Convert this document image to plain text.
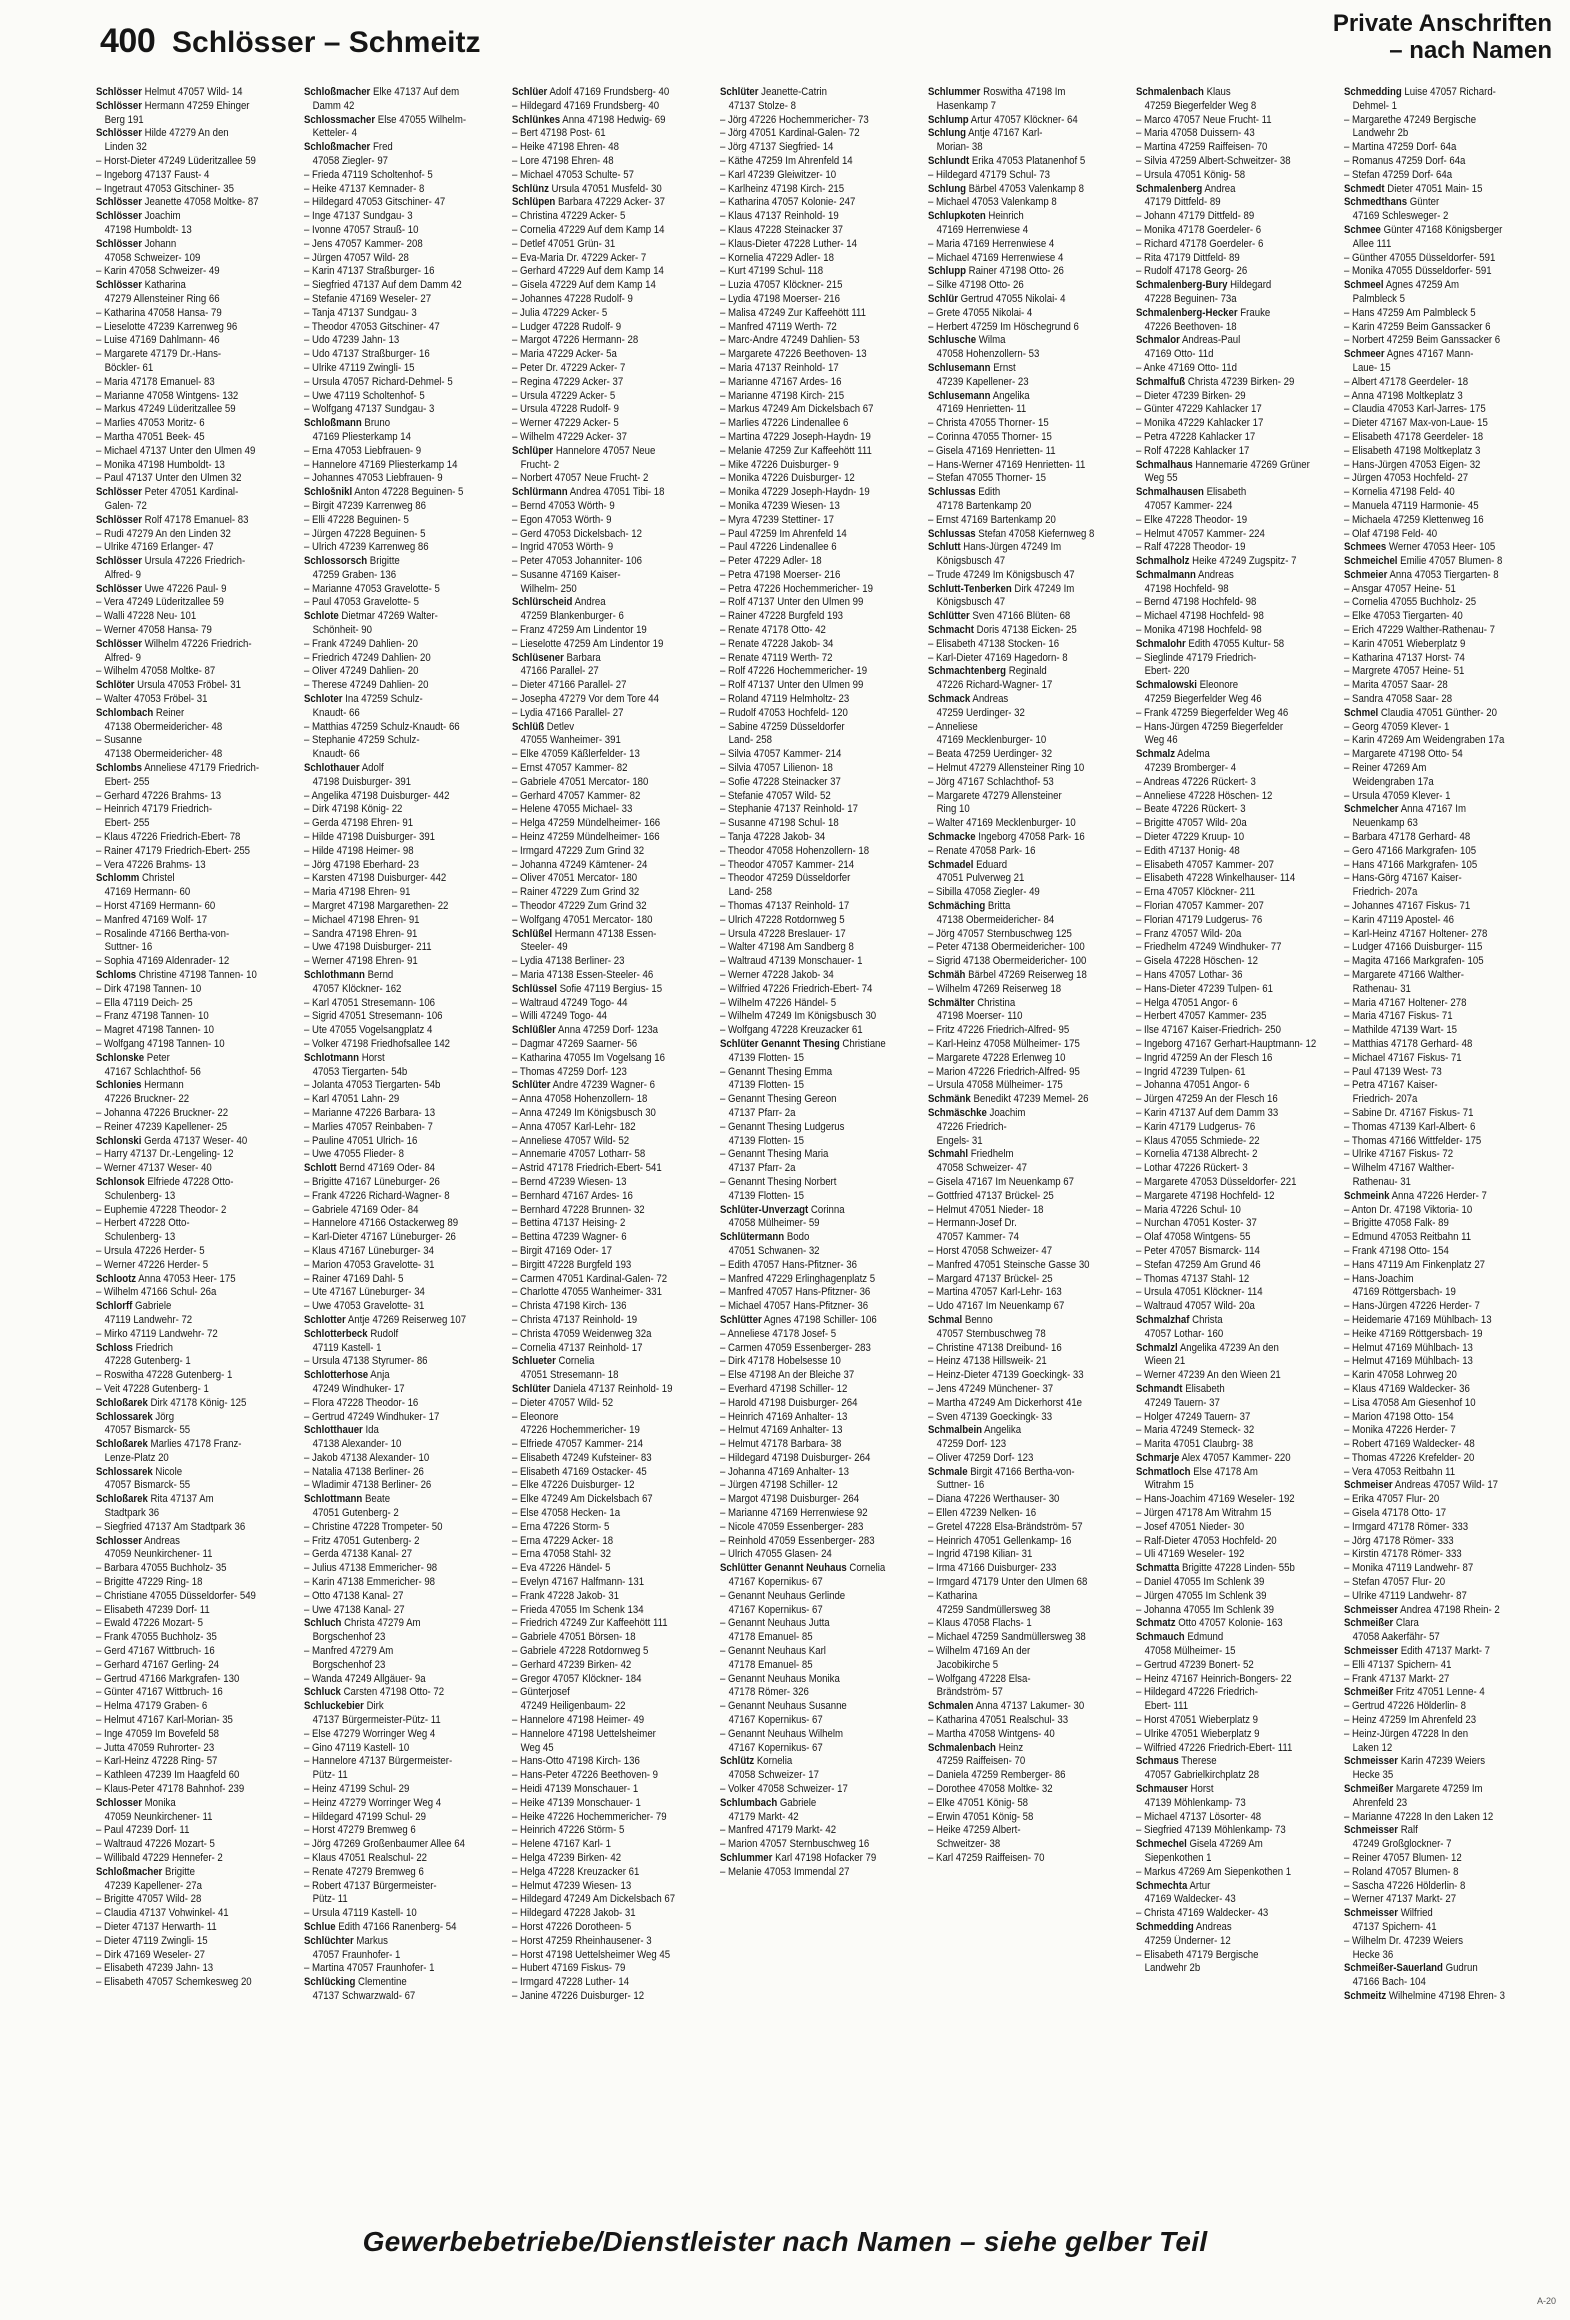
400 Schlösser – Schmeitz
Private Anschriften
– nach Namen
Schlösser Helmut 47057 Wild- 14
Schlösser Hermann 47259 Ehinger
Berg 191
Schlösser Hilde 47279 An den
Linden 32
– Horst-Dieter 47249 Lüderitzallee 59
– Ingeborg 47137 Faust- 4
– Ingetraut 47053 Gitschiner- 35
Schlösser Jeanette 47058 Moltke- 87
Schlösser Joachim
47198 Humboldt- 13
Schlösser Johann
47058 Schweizer- 109
– Karin 47058 Schweizer- 49
Schlösser Katharina
47279 Allensteiner Ring 66
– Katharina 47058 Hansa- 79
– Lieselotte 47239 Karrenweg 96
– Luise 47169 Dahlmann- 46
– Margarete 47179 Dr.-Hans-
Böckler- 61
– Maria 47178 Emanuel- 83
– Marianne 47058 Wintgens- 132
– Markus 47249 Lüderitzallee 59
– Marlies 47053 Moritz- 6
– Martha 47051 Beek- 45
– Michael 47137 Unter den Ulmen 49
– Monika 47198 Humboldt- 13
– Paul 47137 Unter den Ulmen 32
Schlösser Peter 47051 Kardinal-
Galen- 72
Schlösser Rolf 47178 Emanuel- 83
– Rudi 47279 An den Linden 32
– Ulrike 47169 Erlanger- 47
Schlösser Ursula 47226 Friedrich-
Alfred- 9
Schlösser Uwe 47226 Paul- 9
– Vera 47249 Lüderitzallee 59
– Walli 47228 Neu- 101
– Werner 47058 Hansa- 79
Schlösser Wilhelm 47226 Friedrich-
Alfred- 9
– Wilhelm 47058 Moltke- 87
Schlöter Ursula 47053 Fröbel- 31
– Walter 47053 Fröbel- 31
Schlombach Reiner
47138 Obermeidericher- 48
– Susanne
47138 Obermeidericher- 48
Schlombs Anneliese 47179 Friedrich-
Ebert- 255
– Gerhard 47226 Brahms- 13
– Heinrich 47179 Friedrich-
Ebert- 255
– Klaus 47226 Friedrich-Ebert- 78
– Rainer 47179 Friedrich-Ebert- 255
– Vera 47226 Brahms- 13
Schlomm Christel
47169 Hermann- 60
– Horst 47169 Hermann- 60
– Manfred 47169 Wolf- 17
– Rosalinde 47166 Bertha-von-
Suttner- 16
– Sophia 47169 Aldenrader- 12
Schloms Christine 47198 Tannen- 10
– Dirk 47198 Tannen- 10
– Ella 47119 Deich- 25
– Franz 47198 Tannen- 10
– Magret 47198 Tannen- 10
– Wolfgang 47198 Tannen- 10
Schlonske Peter
47167 Schlachthof- 56
Schlonies Hermann
47226 Bruckner- 22
– Johanna 47226 Bruckner- 22
– Reiner 47239 Kapellener- 25
Schlonski Gerda 47137 Weser- 40
– Harry 47137 Dr.-Lengeling- 12
– Werner 47137 Weser- 40
Schlonsok Elfriede 47228 Otto-
Schulenberg- 13
– Euphemie 47228 Theodor- 2
– Herbert 47228 Otto-
Schulenberg- 13
– Ursula 47226 Herder- 5
– Werner 47226 Herder- 5
Schlootz Anna 47053 Heer- 175
– Wilhelm 47166 Schul- 26a
Schlorff Gabriele
47119 Landwehr- 72
– Mirko 47119 Landwehr- 72
Schloss Friedrich
47228 Gutenberg- 1
– Roswitha 47228 Gutenberg- 1
– Veit 47228 Gutenberg- 1
Schloßarek Dirk 47178 König- 125
Schlossarek Jörg
47057 Bismarck- 55
Schloßarek Marlies 47178 Franz-
Lenze-Platz 20
Schlossarek Nicole
47057 Bismarck- 55
Schloßarek Rita 47137 Am
Stadtpark 36
– Siegfried 47137 Am Stadtpark 36
Schlosser Andreas
47059 Neunkirchener- 11
– Barbara 47055 Buchholz- 35
– Brigitte 47229 Ring- 18
– Christiane 47055 Düsseldorfer- 549
– Elisabeth 47239 Dorf- 11
– Ewald 47226 Mozart- 5
– Frank 47055 Buchholz- 35
– Gerd 47167 Wittbruch- 16
– Gerhard 47167 Gerling- 24
– Gertrud 47166 Markgrafen- 130
– Günter 47167 Wittbruch- 16
– Helma 47179 Graben- 6
– Helmut 47167 Karl-Morian- 35
– Inge 47059 Im Bovefeld 58
– Jutta 47059 Ruhrorter- 23
– Karl-Heinz 47228 Ring- 57
– Kathleen 47239 Im Haagfeld 60
– Klaus-Peter 47178 Bahnhof- 239
Schlosser Monika
47059 Neunkirchener- 11
– Paul 47239 Dorf- 11
– Waltraud 47226 Mozart- 5
– Willibald 47229 Hennefer- 2
Schloßmacher Brigitte
47239 Kapellener- 27a
– Brigitte 47057 Wild- 28
– Claudia 47137 Vohwinkel- 41
– Dieter 47137 Herwarth- 11
– Dieter 47119 Zwingli- 15
– Dirk 47169 Weseler- 27
– Elisabeth 47239 Jahn- 13
– Elisabeth 47057 Schemkesweg 20
Schloßmacher Elke 47137 Auf dem
Damm 42
Schlossmacher Else 47055 Wilhelm-
Ketteler- 4
Schloßmacher Fred
47058 Ziegler- 97
– Frieda 47119 Scholtenhof- 5
– Heike 47137 Kemnader- 8
– Hildegard 47053 Gitschiner- 47
– Inge 47137 Sundgau- 3
– Ivonne 47057 Strauß- 10
– Jens 47057 Kammer- 208
– Jürgen 47057 Wild- 28
– Karin 47137 Straßburger- 16
– Siegfried 47137 Auf dem Damm 42
– Stefanie 47169 Weseler- 27
– Tanja 47137 Sundgau- 3
– Theodor 47053 Gitschiner- 47
– Udo 47239 Jahn- 13
– Udo 47137 Straßburger- 16
– Ulrike 47119 Zwingli- 15
– Ursula 47057 Richard-Dehmel- 5
– Uwe 47119 Scholtenhof- 5
– Wolfgang 47137 Sundgau- 3
Schloßmann Bruno
47169 Pliesterkamp 14
– Erna 47053 Liebfrauen- 9
– Hannelore 47169 Pliesterkamp 14
– Johannes 47053 Liebfrauen- 9
Schlošnikl Anton 47228 Beguinen- 5
– Birgit 47239 Karrenweg 86
– Elli 47228 Beguinen- 5
– Jürgen 47228 Beguinen- 5
– Ulrich 47239 Karrenweg 86
Schlossorsch Brigitte
47259 Graben- 136
– Marianne 47053 Gravelotte- 5
– Paul 47053 Gravelotte- 5
Schlote Dietmar 47269 Walter-
Schönheit- 90
– Frank 47249 Dahlien- 20
– Friedrich 47249 Dahlien- 20
– Oliver 47249 Dahlien- 20
– Therese 47249 Dahlien- 20
Schloter Ina 47259 Schulz-
Knaudt- 66
– Matthias 47259 Schulz-Knaudt- 66
– Stephanie 47259 Schulz-
Knaudt- 66
Schlothauer Adolf
47198 Duisburger- 391
– Angelika 47198 Duisburger- 442
– Dirk 47198 König- 22
– Gerda 47198 Ehren- 91
– Hilde 47198 Duisburger- 391
– Hilde 47198 Heimer- 98
– Jörg 47198 Eberhard- 23
– Karsten 47198 Duisburger- 442
– Maria 47198 Ehren- 91
– Margret 47198 Margarethen- 22
– Michael 47198 Ehren- 91
– Sandra 47198 Ehren- 91
– Uwe 47198 Duisburger- 211
– Werner 47198 Ehren- 91
Schlothmann Bernd
47057 Klöckner- 162
– Karl 47051 Stresemann- 106
– Sigrid 47051 Stresemann- 106
– Ute 47055 Vogelsangplatz 4
– Volker 47198 Friedhofsallee 142
Schlotmann Horst
47053 Tiergarten- 54b
– Jolanta 47053 Tiergarten- 54b
– Karl 47051 Lahn- 29
– Marianne 47226 Barbara- 13
– Marlies 47057 Reinbaben- 7
– Pauline 47051 Ulrich- 16
– Uwe 47055 Flieder- 8
Schlott Bernd 47169 Oder- 84
– Brigitte 47167 Lüneburger- 26
– Frank 47226 Richard-Wagner- 8
– Gabriele 47169 Oder- 84
– Hannelore 47166 Ostackerweg 89
– Karl-Dieter 47167 Lüneburger- 26
– Klaus 47167 Lüneburger- 34
– Marion 47053 Gravelotte- 31
– Rainer 47169 Dahl- 5
– Ute 47167 Lüneburger- 34
– Uwe 47053 Gravelotte- 31
Schlotter Antje 47269 Reiserweg 107
Schlotterbeck Rudolf
47119 Kastell- 1
– Ursula 47138 Styrumer- 86
Schlotterhose Anja
47249 Windhuker- 17
– Flora 47228 Theodor- 16
– Gertrud 47249 Windhuker- 17
Schlotthauer Ida
47138 Alexander- 10
– Jakob 47138 Alexander- 10
– Natalia 47138 Berliner- 26
– Wladimir 47138 Berliner- 26
Schlottmann Beate
47051 Gutenberg- 2
– Christine 47228 Trompeter- 50
– Fritz 47051 Gutenberg- 2
– Gerda 47138 Kanal- 27
– Julius 47138 Emmericher- 98
– Karin 47138 Emmericher- 98
– Otto 47138 Kanal- 27
– Uwe 47138 Kanal- 27
Schluch Christa 47279 Am
Borgschenhof 23
– Manfred 47279 Am
Borgschenhof 23
– Wanda 47249 Allgäuer- 9a
Schluck Carsten 47198 Otto- 72
Schluckebier Dirk
47137 Bürgermeister-Pütz- 11
– Else 47279 Worringer Weg 4
– Gino 47119 Kastell- 10
– Hannelore 47137 Bürgermeister-
Pütz- 11
– Heinz 47199 Schul- 29
– Heinz 47279 Worringer Weg 4
– Hildegard 47199 Schul- 29
– Horst 47279 Bremweg 6
– Jörg 47269 Großenbaumer Allee 64
– Klaus 47051 Realschul- 22
– Renate 47279 Bremweg 6
– Robert 47137 Bürgermeister-
Pütz- 11
– Ursula 47119 Kastell- 10
Schlue Edith 47166 Ranenberg- 54
Schlüchter Markus
47057 Fraunhofer- 1
– Martina 47057 Fraunhofer- 1
Schlücking Clementine
47137 Schwarzwald- 67
Schlüer Adolf 47169 Frundsberg- 40
– Hildegard 47169 Frundsberg- 40
Schlünkes Anna 47198 Hedwig- 69
– Bert 47198 Post- 61
– Heike 47198 Ehren- 48
– Lore 47198 Ehren- 48
– Michael 47053 Schulte- 57
Schlünz Ursula 47051 Musfeld- 30
Schlüpen Barbara 47229 Acker- 37
– Christina 47229 Acker- 5
– Cornelia 47229 Auf dem Kamp 14
– Detlef 47051 Grün- 31
– Eva-Maria Dr. 47229 Acker- 7
– Gerhard 47229 Auf dem Kamp 14
– Gisela 47229 Auf dem Kamp 14
– Johannes 47228 Rudolf- 9
– Julia 47229 Acker- 5
– Ludger 47228 Rudolf- 9
– Margot 47226 Hermann- 28
– Maria 47229 Acker- 5a
– Peter Dr. 47229 Acker- 7
– Regina 47229 Acker- 37
– Ursula 47229 Acker- 5
– Ursula 47228 Rudolf- 9
– Werner 47229 Acker- 5
– Wilhelm 47229 Acker- 37
Schlüper Hannelore 47057 Neue
Frucht- 2
– Norbert 47057 Neue Frucht- 2
Schlürmann Andrea 47051 Tibi- 18
– Bernd 47053 Wörth- 9
– Egon 47053 Wörth- 9
– Gerd 47053 Dickelsbach- 12
– Ingrid 47053 Wörth- 9
– Peter 47053 Johanniter- 106
– Susanne 47169 Kaiser-
Wilhelm- 250
Schlürscheid Andrea
47259 Blankenburger- 6
– Franz 47259 Am Lindentor 19
– Lieselotte 47259 Am Lindentor 19
Schlüsener Barbara
47166 Parallel- 27
– Dieter 47166 Parallel- 27
– Josepha 47279 Vor dem Tore 44
– Lydia 47166 Parallel- 27
Schlüß Detlev
47055 Wanheimer- 391
– Elke 47059 Käßlerfelder- 13
– Ernst 47057 Kammer- 82
– Gabriele 47051 Mercator- 180
– Gerhard 47057 Kammer- 82
– Helene 47055 Michael- 33
– Helga 47259 Mündelheimer- 166
– Heinz 47259 Mündelheimer- 166
– Irmgard 47229 Zum Grind 32
– Johanna 47249 Kämtener- 24
– Oliver 47051 Mercator- 180
– Rainer 47229 Zum Grind 32
– Theodor 47229 Zum Grind 32
– Wolfgang 47051 Mercator- 180
Schlüßel Hermann 47138 Essen-
Steeler- 49
– Lydia 47138 Berliner- 23
– Maria 47138 Essen-Steeler- 46
Schlüssel Sofie 47119 Bergius- 15
– Waltraud 47249 Togo- 44
– Willi 47249 Togo- 44
Schlüßler Anna 47259 Dorf- 123a
– Dagmar 47269 Saarner- 56
– Katharina 47055 Im Vogelsang 16
– Thomas 47259 Dorf- 123
Schlüter Andre 47239 Wagner- 6
– Anna 47058 Hohenzollern- 18
– Anna 47249 Im Königsbusch 30
– Anna 47057 Karl-Lehr- 182
– Anneliese 47057 Wild- 52
– Annemarie 47057 Lotharr- 58
– Astrid 47178 Friedrich-Ebert- 541
– Bernd 47239 Wiesen- 13
– Bernhard 47167 Ardes- 16
– Bernhard 47228 Brunnen- 32
– Bettina 47137 Heising- 2
– Bettina 47239 Wagner- 6
– Birgit 47169 Oder- 17
– Birgitt 47228 Burgfeld 193
– Carmen 47051 Kardinal-Galen- 72
– Charlotte 47055 Wanheimer- 331
– Christa 47198 Kirch- 136
– Christa 47137 Reinhold- 19
– Christa 47059 Weidenweg 32a
– Cornelia 47137 Reinhold- 17
Schlueter Cornelia
47051 Stresemann- 18
Schlüter Daniela 47137 Reinhold- 19
– Dieter 47057 Wild- 52
– Eleonore
47226 Hochemmericher- 19
– Elfriede 47057 Kammer- 214
– Elisabeth 47249 Kufsteiner- 83
– Elisabeth 47169 Ostacker- 45
– Elke 47226 Duisburger- 12
– Elke 47249 Am Dickelsbach 67
– Else 47058 Hecken- 1a
– Erna 47226 Storm- 5
– Erna 47229 Acker- 18
– Erna 47058 Stahl- 32
– Eva 47226 Händel- 5
– Evelyn 47167 Halfmann- 131
– Frank 47228 Jakob- 31
– Frieda 47055 Im Schenk 134
– Friedrich 47249 Zur Kaffeehött 111
– Gabriele 47051 Börsen- 18
– Gabriele 47228 Rotdornweg 5
– Gerhard 47239 Birken- 42
– Gregor 47057 Klöckner- 184
– Günterjosef
47249 Heiligenbaum- 22
– Hannelore 47198 Heimer- 49
– Hannelore 47198 Uettelsheimer
Weg 45
– Hans-Otto 47198 Kirch- 136
– Hans-Peter 47226 Beethoven- 9
– Heidi 47139 Monschauer- 1
– Heike 47139 Monschauer- 1
– Heike 47226 Hochemmericher- 79
– Heinrich 47226 Störm- 5
– Helene 47167 Karl- 1
– Helga 47239 Birken- 42
– Helga 47228 Kreuzacker 61
– Helmut 47239 Wiesen- 13
– Hildegard 47249 Am Dickelsbach 67
– Hildegard 47228 Jakob- 31
– Horst 47226 Dorotheen- 5
– Horst 47259 Rheinhausener- 3
– Horst 47198 Uettelsheimer Weg 45
– Hubert 47169 Fiskus- 79
– Irmgard 47228 Luther- 14
– Janine 47226 Duisburger- 12
Schlüter Jeanette-Catrin
47137 Stolze- 8
– Jörg 47226 Hochemmericher- 73
– Jörg 47051 Kardinal-Galen- 72
– Jörg 47137 Siegfried- 14
– Käthe 47259 Im Ahrenfeld 14
– Karl 47239 Gleiwitzer- 10
– Karlheinz 47198 Kirch- 215
– Katharina 47057 Kolonie- 247
– Klaus 47137 Reinhold- 19
– Klaus 47228 Steinacker 37
– Klaus-Dieter 47228 Luther- 14
– Kornelia 47229 Adler- 18
– Kurt 47199 Schul- 118
– Luzia 47057 Klöckner- 215
– Lydia 47198 Moerser- 216
– Malisa 47249 Zur Kaffeehött 111
– Manfred 47119 Werth- 72
– Marc-Andre 47249 Dahlien- 53
– Margarete 47226 Beethoven- 13
– Maria 47137 Reinhold- 17
– Marianne 47167 Ardes- 16
– Marianne 47198 Kirch- 215
– Markus 47249 Am Dickelsbach 67
– Marlies 47226 Lindenallee 6
– Martina 47229 Joseph-Haydn- 19
– Melanie 47259 Zur Kaffeehött 111
– Mike 47226 Duisburger- 9
– Monika 47226 Duisburger- 12
– Monika 47229 Joseph-Haydn- 19
– Monika 47239 Wiesen- 13
– Myra 47239 Stettiner- 17
– Paul 47259 Im Ahrenfeld 14
– Paul 47226 Lindenallee 6
– Peter 47229 Adler- 18
– Petra 47198 Moerser- 216
– Petra 47226 Hochemmericher- 19
– Rolf 47137 Unter den Ulmen 99
– Rainer 47228 Burgfeld 193
– Renate 47178 Otto- 42
– Renate 47228 Jakob- 34
– Renate 47119 Werth- 72
– Rolf 47226 Hochemmericher- 19
– Rolf 47137 Unter den Ulmen 99
– Roland 47119 Helmholtz- 23
– Rudolf 47053 Hochfeld- 120
– Sabine 47259 Düsseldorfer
Land- 258
– Silvia 47057 Kammer- 214
– Silvia 47057 Lilienon- 18
– Sofie 47228 Steinacker 37
– Stefanie 47057 Wild- 52
– Stephanie 47137 Reinhold- 17
– Susanne 47198 Schul- 18
– Tanja 47228 Jakob- 34
– Theodor 47058 Hohenzollern- 18
– Theodor 47057 Kammer- 214
– Theodor 47259 Düsseldorfer
Land- 258
– Thomas 47137 Reinhold- 17
– Ulrich 47228 Rotdornweg 5
– Ursula 47228 Breslauer- 17
– Walter 47198 Am Sandberg 8
– Waltraud 47139 Monschauer- 1
– Werner 47228 Jakob- 34
– Wilfried 47226 Friedrich-Ebert- 74
– Wilhelm 47226 Händel- 5
– Wilhelm 47249 Im Königsbusch 30
– Wolfgang 47228 Kreuzacker 61
Schlüter Genannt Thesing Christiane
47139 Flotten- 15
– Genannt Thesing Emma
47139 Flotten- 15
– Genannt Thesing Gereon
47137 Pfarr- 2a
– Genannt Thesing Ludgerus
47139 Flotten- 15
– Genannt Thesing Maria
47137 Pfarr- 2a
– Genannt Thesing Norbert
47139 Flotten- 15
Schlüter-Unverzagt Corinna
47058 Mülheimer- 59
Schlütermann Bodo
47051 Schwanen- 32
– Edith 47057 Hans-Pfitzner- 36
– Manfred 47229 Erlinghagenplatz 5
– Manfred 47057 Hans-Pfitzner- 36
– Michael 47057 Hans-Pfitzner- 36
Schlütter Agnes 47198 Schiller- 106
– Anneliese 47178 Josef- 5
– Carmen 47059 Essenberger- 283
– Dirk 47178 Hobelsesse 10
– Else 47198 An der Bleiche 37
– Everhard 47198 Schiller- 12
– Harold 47198 Duisburger- 264
– Heinrich 47169 Anhalter- 13
– Helmut 47169 Anhalter- 13
– Helmut 47178 Barbara- 38
– Hildegard 47198 Duisburger- 264
– Johanna 47169 Anhalter- 13
– Jürgen 47198 Schiller- 12
– Margot 47198 Duisburger- 264
– Marianne 47169 Herrenwiese 92
– Nicole 47059 Essenberger- 283
– Reinhold 47059 Essenberger- 283
– Ulrich 47055 Glasen- 24
Schlütter Genannt Neuhaus Cornelia
47167 Kopernikus- 67
– Genannt Neuhaus Gerlinde
47167 Kopernikus- 67
– Genannt Neuhaus Jutta
47178 Emanuel- 85
– Genannt Neuhaus Karl
47178 Emanuel- 85
– Genannt Neuhaus Monika
47178 Römer- 326
– Genannt Neuhaus Susanne
47167 Kopernikus- 67
– Genannt Neuhaus Wilhelm
47167 Kopernikus- 67
Schlütz Kornelia
47058 Schweizer- 17
– Volker 47058 Schweizer- 17
Schlumbach Gabriele
47179 Markt- 42
– Manfred 47179 Markt- 42
– Marion 47057 Sternbuschweg 16
Schlummer Karl 47198 Hofacker 79
– Melanie 47053 Immendal 27
Schlummer Roswitha 47198 Im
Hasenkamp 7
Schlump Artur 47057 Klöckner- 64
Schlung Antje 47167 Karl-
Morian- 38
Schlundt Erika 47053 Platanenhof 5
– Hildegard 47179 Schul- 73
Schlung Bärbel 47053 Valenkamp 8
– Michael 47053 Valenkamp 8
Schlupkoten Heinrich
47169 Herrenwiese 4
– Maria 47169 Herrenwiese 4
– Michael 47169 Herrenwiese 4
Schlupp Rainer 47198 Otto- 26
– Silke 47198 Otto- 26
Schlür Gertrud 47055 Nikolai- 4
– Grete 47055 Nikolai- 4
– Herbert 47259 Im Höschegrund 6
Schlusche Wilma
47058 Hohenzollern- 53
Schlusemann Ernst
47239 Kapellener- 23
Schlusemann Angelika
47169 Henrietten- 11
– Christa 47055 Thorner- 15
– Corinna 47055 Thorner- 15
– Gisela 47169 Henrietten- 11
– Hans-Werner 47169 Henrietten- 11
– Stefan 47055 Thorner- 15
Schlussas Edith
47178 Bartenkamp 20
– Ernst 47169 Bartenkamp 20
Schlussas Stefan 47058 Kiefernweg 8
Schlutt Hans-Jürgen 47249 Im
Königsbusch 47
– Trude 47249 Im Königsbusch 47
Schlutt-Tenberken Dirk 47249 Im
Königsbusch 47
Schlütter Sven 47166 Blüten- 68
Schmacht Doris 47138 Eicken- 25
– Elisabeth 47138 Stocken- 16
– Karl-Dieter 47169 Hagedorn- 8
Schmachtenberg Reginald
47226 Richard-Wagner- 17
Schmack Andreas
47259 Uerdinger- 32
– Anneliese
47169 Mecklenburger- 10
– Beata 47259 Uerdinger- 32
– Helmut 47279 Allensteiner Ring 10
– Jörg 47167 Schlachthof- 53
– Margarete 47279 Allensteiner
Ring 10
– Walter 47169 Mecklenburger- 10
Schmacke Ingeborg 47058 Park- 16
– Renate 47058 Park- 16
Schmadel Eduard
47051 Pulverweg 21
– Sibilla 47058 Ziegler- 49
Schmäching Britta
47138 Obermeidericher- 84
– Jörg 47057 Sternbuschweg 125
– Peter 47138 Obermeidericher- 100
– Sigrid 47138 Obermeidericher- 100
Schmäh Bärbel 47269 Reiserweg 18
– Wilhelm 47269 Reiserweg 18
Schmälter Christina
47198 Moerser- 110
– Fritz 47226 Friedrich-Alfred- 95
– Karl-Heinz 47058 Mülheimer- 175
– Margarete 47228 Erlenweg 10
– Marion 47226 Friedrich-Alfred- 95
– Ursula 47058 Mülheimer- 175
Schmänk Benedikt 47239 Memel- 26
Schmäschke Joachim
47226 Friedrich-
Engels- 31
Schmahl Friedhelm
47058 Schweizer- 47
– Gisela 47167 Im Neuenkamp 67
– Gottfried 47137 Brückel- 25
– Helmut 47051 Nieder- 18
– Hermann-Josef Dr.
47057 Kammer- 74
– Horst 47058 Schweizer- 47
– Manfred 47051 Steinsche Gasse 30
– Margard 47137 Brückel- 25
– Martina 47057 Karl-Lehr- 163
– Udo 47167 Im Neuenkamp 67
Schmal Benno
47057 Sternbuschweg 78
– Christine 47138 Dreibund- 16
– Heinz 47138 Hillsweik- 21
– Heinz-Dieter 47139 Goeckingk- 33
– Jens 47249 Münchener- 37
– Martha 47249 Am Dickerhorst 41e
– Sven 47139 Goeckingk- 33
Schmalbein Angelika
47259 Dorf- 123
– Oliver 47259 Dorf- 123
Schmale Birgit 47166 Bertha-von-
Suttner- 16
– Diana 47226 Werthauser- 30
– Ellen 47239 Nelken- 16
– Gretel 47228 Elsa-Brändström- 57
– Heinrich 47051 Gellenkamp- 16
– Ingrid 47198 Kilian- 31
– Irma 47166 Duisburger- 233
– Irmgard 47179 Unter den Ulmen 68
– Katharina
47259 Sandmüllersweg 38
– Klaus 47058 Flachs- 1
– Michael 47259 Sandmüllersweg 38
– Wilhelm 47169 An der
Jacobikirche 5
– Wolfgang 47228 Elsa-
Brändström- 57
Schmalen Anna 47137 Lakumer- 30
– Katharina 47051 Realschul- 33
– Martha 47058 Wintgens- 40
Schmalenbach Heinz
47259 Raiffeisen- 70
– Daniela 47259 Remberger- 86
– Dorothee 47058 Moltke- 32
– Elke 47051 König- 58
– Erwin 47051 König- 58
– Heike 47259 Albert-
Schweitzer- 38
– Karl 47259 Raiffeisen- 70
Schmalenbach Klaus
47259 Biegerfelder Weg 8
– Marco 47057 Neue Frucht- 11
– Maria 47058 Duissern- 43
– Martina 47259 Raiffeisen- 70
– Silvia 47259 Albert-Schweitzer- 38
– Ursula 47051 König- 58
Schmalenberg Andrea
47179 Dittfeld- 89
– Johann 47179 Dittfeld- 89
– Monika 47178 Goerdeler- 6
– Richard 47178 Goerdeler- 6
– Rita 47179 Dittfeld- 89
– Rudolf 47178 Georg- 26
Schmalenberg-Bury Hildegard
47228 Beguinen- 73a
Schmalenberg-Hecker Frauke
47226 Beethoven- 18
Schmalor Andreas-Paul
47169 Otto- 11d
– Anke 47169 Otto- 11d
Schmalfuß Christa 47239 Birken- 29
– Dieter 47239 Birken- 29
– Günter 47229 Kahlacker 17
– Monika 47229 Kahlacker 17
– Petra 47228 Kahlacker 17
– Rolf 47228 Kahlacker 17
Schmalhaus Hannemarie 47269 Grüner
Weg 55
Schmalhausen Elisabeth
47057 Kammer- 224
– Elke 47228 Theodor- 19
– Helmut 47057 Kammer- 224
– Ralf 47228 Theodor- 19
Schmalholz Heike 47249 Zugspitz- 7
Schmalmann Andreas
47198 Hochfeld- 98
– Bernd 47198 Hochfeld- 98
– Michael 47198 Hochfeld- 98
– Monika 47198 Hochfeld- 98
Schmalohr Edith 47055 Kultur- 58
– Sieglinde 47179 Friedrich-
Ebert- 220
Schmalowski Eleonore
47259 Biegerfelder Weg 46
– Frank 47259 Biegerfelder Weg 46
– Hans-Jürgen 47259 Biegerfelder
Weg 46
Schmalz Adelma
47239 Bromberger- 4
– Andreas 47226 Rückert- 3
– Anneliese 47228 Höschen- 12
– Beate 47226 Rückert- 3
– Brigitte 47057 Wild- 20a
– Dieter 47229 Kruup- 10
– Edith 47137 Honig- 48
– Elisabeth 47057 Kammer- 207
– Elisabeth 47228 Winkelhauser- 114
– Erna 47057 Klöckner- 211
– Florian 47057 Kammer- 207
– Florian 47179 Ludgerus- 76
– Franz 47057 Wild- 20a
– Friedhelm 47249 Windhuker- 77
– Gisela 47228 Höschen- 12
– Hans 47057 Lothar- 36
– Hans-Dieter 47239 Tulpen- 61
– Helga 47051 Angor- 6
– Herbert 47057 Kammer- 235
– Ilse 47167 Kaiser-Friedrich- 250
– Ingeborg 47167 Gerhart-Hauptmann- 12
– Ingrid 47259 An der Flesch 16
– Ingrid 47239 Tulpen- 61
– Johanna 47051 Angor- 6
– Jürgen 47259 An der Flesch 16
– Karin 47137 Auf dem Damm 33
– Karin 47179 Ludgerus- 76
– Klaus 47055 Schmiede- 22
– Kornelia 47138 Albrecht- 2
– Lothar 47226 Rückert- 3
– Margarete 47053 Düsseldorfer- 221
– Margarete 47198 Hochfeld- 12
– Maria 47226 Schul- 10
– Nurchan 47051 Koster- 37
– Olaf 47058 Wintgens- 55
– Peter 47057 Bismarck- 114
– Stefan 47259 Am Grund 46
– Thomas 47137 Stahl- 12
– Ursula 47051 Klöckner- 114
– Waltraud 47057 Wild- 20a
Schmalzhaf Christa
47057 Lothar- 160
Schmalzl Angelika 47239 An den
Wieen 21
– Werner 47239 An den Wieen 21
Schmandt Elisabeth
47249 Tauern- 37
– Holger 47249 Tauern- 37
– Maria 47249 Stemeck- 32
– Marita 47051 Claubrg- 38
Schmarje Alex 47057 Kammer- 220
Schmatloch Else 47178 Am
Witrahm 15
– Hans-Joachim 47169 Weseler- 192
– Jürgen 47178 Am Witrahm 15
– Josef 47051 Nieder- 30
– Ralf-Dieter 47053 Hochfeld- 20
– Uli 47169 Weseler- 192
Schmatta Brigitte 47228 Linden- 55b
– Daniel 47055 Im Schlenk 39
– Jürgen 47055 Im Schlenk 39
– Johanna 47055 Im Schlenk 39
Schmatz Otto 47057 Kolonie- 163
Schmauch Edmund
47058 Mülheimer- 15
– Gertrud 47239 Bonert- 52
– Heinz 47167 Heinrich-Bongers- 22
– Hildegard 47226 Friedrich-
Ebert- 111
– Horst 47051 Wieberplatz 9
– Ulrike 47051 Wieberplatz 9
– Wilfried 47226 Friedrich-Ebert- 111
Schmaus Therese
47057 Gabrielkirchplatz 28
Schmauser Horst
47139 Möhlenkamp- 73
– Michael 47137 Lösorter- 48
– Siegfried 47139 Möhlenkamp- 73
Schmechel Gisela 47269 Am
Siepenkothen 1
– Markus 47269 Am Siepenkothen 1
Schmechta Artur
47169 Waldecker- 43
– Christa 47169 Waldecker- 43
Schmedding Andreas
47259 Ünderner- 12
– Elisabeth 47179 Bergische
Landwehr 2b
Schmedding Luise 47057 Richard-
Dehmel- 1
– Margarethe 47249 Bergische
Landwehr 2b
– Martina 47259 Dorf- 64a
– Romanus 47259 Dorf- 64a
– Stefan 47259 Dorf- 64a
Schmedt Dieter 47051 Main- 15
Schmedthans Günter
47169 Schlesweger- 2
Schmee Günter 47168 Königsberger
Allee 111
– Günther 47055 Düsseldorfer- 591
– Monika 47055 Düsseldorfer- 591
Schmeel Agnes 47259 Am
Palmbleck 5
– Hans 47259 Am Palmbleck 5
– Karin 47259 Beim Ganssacker 6
– Norbert 47259 Beim Ganssacker 6
Schmeer Agnes 47167 Mann-
Laue- 15
– Albert 47178 Geerdeler- 18
– Anna 47198 Moltkeplatz 3
– Claudia 47053 Karl-Jarres- 175
– Dieter 47167 Max-von-Laue- 15
– Elisabeth 47178 Geerdeler- 18
– Elisabeth 47198 Moltkeplatz 3
– Hans-Jürgen 47053 Eigen- 32
– Jürgen 47053 Hochfeld- 27
– Kornelia 47198 Feld- 40
– Manuela 47119 Harmonie- 45
– Michaela 47259 Klettenweg 16
– Olaf 47198 Feld- 40
Schmees Werner 47053 Heer- 105
Schmeichel Emilie 47057 Blumen- 8
Schmeier Anna 47053 Tiergarten- 8
– Ansgar 47057 Heine- 51
– Cornelia 47055 Buchholz- 25
– Elke 47053 Tiergarten- 40
– Erich 47229 Walther-Rathenau- 7
– Karin 47051 Wieberplatz 9
– Katharina 47137 Horst- 74
– Margrete 47057 Heine- 51
– Marita 47057 Saar- 28
– Sandra 47058 Saar- 28
Schmel Claudia 47051 Günther- 20
– Georg 47059 Klever- 1
– Karin 47269 Am Weidengraben 17a
– Margarete 47198 Otto- 54
– Reiner 47269 Am
Weidengraben 17a
– Ursula 47059 Klever- 1
Schmelcher Anna 47167 Im
Neuenkamp 63
– Barbara 47178 Gerhard- 48
– Gero 47166 Markgrafen- 105
– Hans 47166 Markgrafen- 105
– Hans-Görg 47167 Kaiser-
Friedrich- 207a
– Johannes 47167 Fiskus- 71
– Karin 47119 Apostel- 46
– Karl-Heinz 47167 Holtener- 278
– Ludger 47166 Duisburger- 115
– Magita 47166 Markgrafen- 105
– Margarete 47166 Walther-
Rathenau- 31
– Maria 47167 Holtener- 278
– Maria 47167 Fiskus- 71
– Mathilde 47139 Wart- 15
– Matthias 47178 Gerhard- 48
– Michael 47167 Fiskus- 71
– Paul 47139 West- 73
– Petra 47167 Kaiser-
Friedrich- 207a
– Sabine Dr. 47167 Fiskus- 71
– Thomas 47139 Karl-Albert- 6
– Thomas 47166 Wittfelder- 175
– Ulrike 47167 Fiskus- 72
– Wilhelm 47167 Walther-
Rathenau- 31
Schmeink Anna 47226 Herder- 7
– Anton Dr. 47198 Viktoria- 10
– Brigitte 47058 Falk- 89
– Edmund 47053 Reitbahn 11
– Frank 47198 Otto- 154
– Hans 47119 Am Finkenplatz 27
– Hans-Joachim
47169 Röttgersbach- 19
– Hans-Jürgen 47226 Herder- 7
– Heidemarie 47169 Mühlbach- 13
– Heike 47169 Röttgersbach- 19
– Helmut 47169 Mühlbach- 13
– Helmut 47169 Mühlbach- 13
– Karin 47058 Lohrweg 20
– Klaus 47169 Waldecker- 36
– Lisa 47058 Am Giesenhof 10
– Marion 47198 Otto- 154
– Monika 47226 Herder- 7
– Robert 47169 Waldecker- 48
– Thomas 47226 Krefelder- 20
– Vera 47053 Reitbahn 11
Schmeiser Andreas 47057 Wild- 17
– Erika 47057 Flur- 20
– Gisela 47178 Otto- 17
– Irmgard 47178 Römer- 333
– Jörg 47178 Römer- 333
– Kirstin 47178 Römer- 333
– Monika 47119 Landwehr- 87
– Stefan 47057 Flur- 20
– Ulrike 47119 Landwehr- 87
Schmeisser Andrea 47198 Rhein- 2
Schmeißer Clara
47058 Aakerfähr- 57
Schmeisser Edith 47137 Markt- 7
– Elli 47137 Spichern- 41
– Frank 47137 Markt- 27
Schmeißer Fritz 47051 Lenne- 4
– Gertrud 47226 Hölderlin- 8
– Heinz 47259 Im Ahrenfeld 23
– Heinz-Jürgen 47228 In den
Laken 12
Schmeisser Karin 47239 Weiers
Hecke 35
Schmeißer Margarete 47259 Im
Ahrenfeld 23
– Marianne 47228 In den Laken 12
Schmeisser Ralf
47249 Großglockner- 7
– Reiner 47057 Blumen- 12
– Roland 47057 Blumen- 8
– Sascha 47226 Hölderlin- 8
– Werner 47137 Markt- 27
Schmeisser Wilfried
47137 Spichern- 41
– Wilhelm Dr. 47239 Weiers
Hecke 36
Schmeißer-Sauerland Gudrun
47166 Bach- 104
Schmeitz Wilhelmine 47198 Ehren- 3
Gewerbebetriebe/Dienstleister nach Namen – siehe gelber Teil
A-20
